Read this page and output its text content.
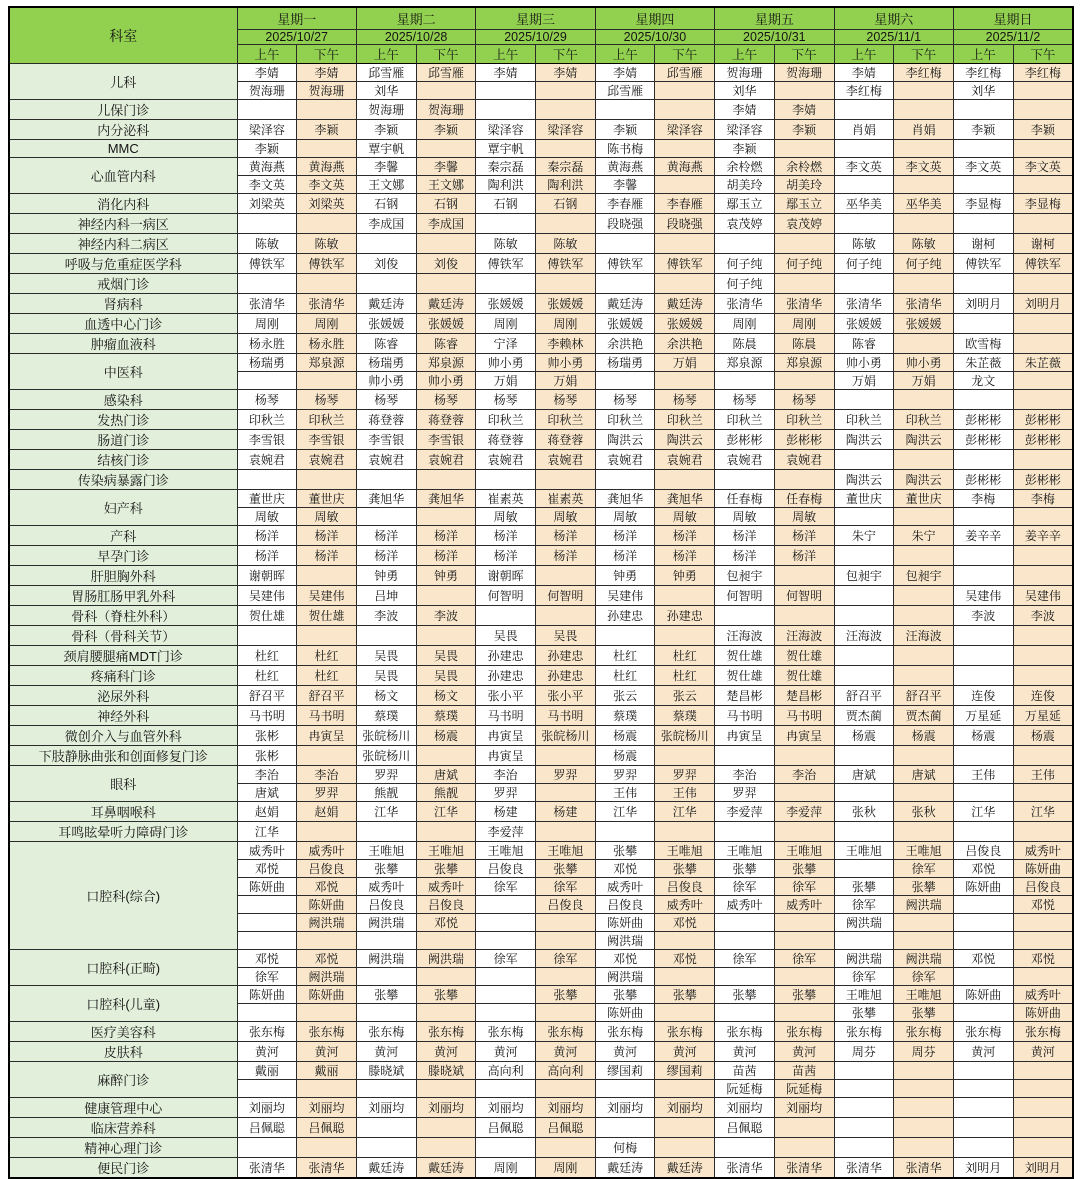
科室	星期一		星期二		星期三		星期四		星期五		星期六		星期日	
	2025/10/27		2025/10/28		2025/10/29		2025/10/30		2025/10/31		2025/11/1		2025/11/2	
	上午	下午	上午	下午	上午	下午	上午	下午	上午	下午	上午	下午	上午	下午
儿科	李婧	李婧	邱雪雁	邱雪雁	李婧	李婧	李婧	邱雪雁	贺海珊	贺海珊	李婧	李红梅	李红梅	李红梅
	贺海珊	贺海珊	刘华				邱雪雁		刘华		李红梅		刘华	
儿保门诊			贺海珊	贺海珊					李婧	李婧				
内分泌科	梁泽容	李颖	李颖	李颖	梁泽容	梁泽容	李颖	梁泽容	梁泽容	李颖	肖娟	肖娟	李颖	李颖
MMC	李颖		覃宇帆		覃宇帆		陈书梅		李颖					
心血管内科	黄海燕	黄海燕	李馨	李馨	秦宗磊	秦宗磊	黄海燕	黄海燕	余柃燃	余柃燃	李文英	李文英	李文英	李文英
	李文英	李文英	王文娜	王文娜	陶利洪	陶利洪	李馨		胡美玲	胡美玲				
消化内科	刘梁英	刘梁英	石钢	石钢	石钢	石钢	李春雁	李春雁	鄢玉立	鄢玉立	巫华美	巫华美	李显梅	李显梅
神经内科一病区			李成国	李成国			段晓强	段晓强	袁茂婷	袁茂婷				
神经内科二病区	陈敏	陈敏			陈敏	陈敏					陈敏	陈敏	谢柯	谢柯
呼吸与危重症医学科	傅铁军	傅铁军	刘俊	刘俊	傅铁军	傅铁军	傅铁军	傅铁军	何子纯	何子纯	何子纯	何子纯	傅铁军	傅铁军
戒烟门诊									何子纯					
肾病科	张清华	张清华	戴廷涛	戴廷涛	张媛媛	张媛媛	戴廷涛	戴廷涛	张清华	张清华	张清华	张清华	刘明月	刘明月
血透中心门诊	周刚	周刚	张媛媛	张媛媛	周刚	周刚	张媛媛	张媛媛	周刚	周刚	张媛媛	张媛媛		
肿瘤血液科	杨永胜	杨永胜	陈睿	陈睿	宁泽	李赖林	余洪艳	余洪艳	陈晨	陈晨	陈睿		欧雪梅	
中医科	杨瑞勇	郑泉源	杨瑞勇	郑泉源	帅小勇	帅小勇	杨瑞勇	万娟	郑泉源	郑泉源	帅小勇	帅小勇	朱芷薇	朱芷薇
			帅小勇	帅小勇	万娟	万娟					万娟	万娟	龙文	
感染科	杨琴	杨琴	杨琴	杨琴	杨琴	杨琴	杨琴	杨琴	杨琴	杨琴				
发热门诊	印秋兰	印秋兰	蒋登蓉	蒋登蓉	印秋兰	印秋兰	印秋兰	印秋兰	印秋兰	印秋兰	印秋兰	印秋兰	彭彬彬	彭彬彬
肠道门诊	李雪银	李雪银	李雪银	李雪银	蒋登蓉	蒋登蓉	陶洪云	陶洪云	彭彬彬	彭彬彬	陶洪云	陶洪云	彭彬彬	彭彬彬
结核门诊	袁婉君	袁婉君	袁婉君	袁婉君	袁婉君	袁婉君	袁婉君	袁婉君	袁婉君	袁婉君				
传染病暴露门诊											陶洪云	陶洪云	彭彬彬	彭彬彬
妇产科	董世庆	董世庆	龚旭华	龚旭华	崔素英	崔素英	龚旭华	龚旭华	任春梅	任春梅	董世庆	董世庆	李梅	李梅
	周敏	周敏			周敏	周敏	周敏	周敏	周敏	周敏				
产科	杨洋	杨洋	杨洋	杨洋	杨洋	杨洋	杨洋	杨洋	杨洋	杨洋	朱宁	朱宁	姜辛辛	姜辛辛
早孕门诊	杨洋	杨洋	杨洋	杨洋	杨洋	杨洋	杨洋	杨洋	杨洋	杨洋				
肝胆胸外科	谢朝晖		钟勇	钟勇	谢朝晖		钟勇	钟勇	包昶宇		包昶宇	包昶宇		
胃肠肛肠甲乳外科	吴建伟	吴建伟	吕坤		何智明	何智明	吴建伟		何智明	何智明			吴建伟	吴建伟
骨科（脊柱外科）	贺仕雄	贺仕雄	李波	李波			孙建忠	孙建忠					李波	李波
骨科（骨科关节）					吴畏	吴畏			汪海波	汪海波	汪海波	汪海波		
颈肩腰腿痛MDT门诊	杜红	杜红	吴畏	吴畏	孙建忠	孙建忠	杜红	杜红	贺仕雄	贺仕雄				
疼痛科门诊	杜红	杜红	吴畏	吴畏	孙建忠	孙建忠	杜红	杜红	贺仕雄	贺仕雄				
泌尿外科	舒召平	舒召平	杨文	杨文	张小平	张小平	张云	张云	楚昌彬	楚昌彬	舒召平	舒召平	连俊	连俊
神经外科	马书明	马书明	蔡璞	蔡璞	马书明	马书明	蔡璞	蔡璞	马书明	马书明	贾杰蔺	贾杰蔺	万星延	万星延
微创介入与血管外科	张彬	冉寅呈	张皖杨川	杨震	冉寅呈	张皖杨川	杨震	张皖杨川	冉寅呈	冉寅呈	杨震	杨震	杨震	杨震
下肢静脉曲张和创面修复门诊	张彬		张皖杨川		冉寅呈		杨震							
眼科	李治	李治	罗羿	唐斌	李治	罗羿	罗羿	罗羿	李治	李治	唐斌	唐斌	王伟	王伟
	唐斌	罗羿	熊靓	熊靓	罗羿		王伟	王伟	罗羿					
耳鼻咽喉科	赵娟	赵娟	江华	江华	杨建	杨建	江华	江华	李爱萍	李爱萍	张秋	张秋	江华	江华
耳鸣眩晕听力障碍门诊	江华				李爱萍									
口腔科(综合)	威秀叶	威秀叶	王唯旭	王唯旭	王唯旭	王唯旭	张攀	王唯旭	王唯旭	王唯旭	王唯旭	王唯旭	吕俊良	威秀叶
	邓悦	吕俊良	张攀	张攀	吕俊良	张攀	邓悦	张攀	张攀	张攀		徐军	邓悦	陈妍曲
	陈妍曲	邓悦	威秀叶	威秀叶	徐军	徐军	威秀叶	吕俊良	徐军	徐军	张攀	张攀	陈妍曲	吕俊良
		陈妍曲	吕俊良	吕俊良		吕俊良	吕俊良	威秀叶	威秀叶	威秀叶	徐军	阙洪瑞		邓悦
		阙洪瑞	阙洪瑞	邓悦			陈妍曲	邓悦			阙洪瑞			
							阙洪瑞							
口腔科(正畸)	邓悦	邓悦	阙洪瑞	阙洪瑞	徐军	徐军	邓悦	邓悦	徐军	徐军	阙洪瑞	阙洪瑞	邓悦	邓悦
	徐军	阙洪瑞					阙洪瑞				徐军	徐军		
口腔科(儿童)	陈妍曲	陈妍曲	张攀	张攀		张攀	张攀	张攀	张攀	张攀	王唯旭	王唯旭	陈妍曲	威秀叶
							陈妍曲				张攀	张攀		陈妍曲
医疗美容科	张东梅	张东梅	张东梅	张东梅	张东梅	张东梅	张东梅	张东梅	张东梅	张东梅	张东梅	张东梅	张东梅	张东梅
皮肤科	黄河	黄河	黄河	黄河	黄河	黄河	黄河	黄河	黄河	黄河	周芬	周芬	黄河	黄河
麻醉门诊	戴丽	戴丽	滕晓斌	滕晓斌	高向利	高向利	缪国莉	缪国莉	苗茜	苗茜				
									阮延梅	阮延梅				
健康管理中心	刘丽均	刘丽均	刘丽均	刘丽均	刘丽均	刘丽均	刘丽均	刘丽均	刘丽均	刘丽均				
临床营养科	吕佩聪	吕佩聪			吕佩聪	吕佩聪			吕佩聪					
精神心理门诊							何梅							
便民门诊	张清华	张清华	戴廷涛	戴廷涛	周刚	周刚	戴廷涛	戴廷涛	张清华	张清华	张清华	张清华	刘明月	刘明月
